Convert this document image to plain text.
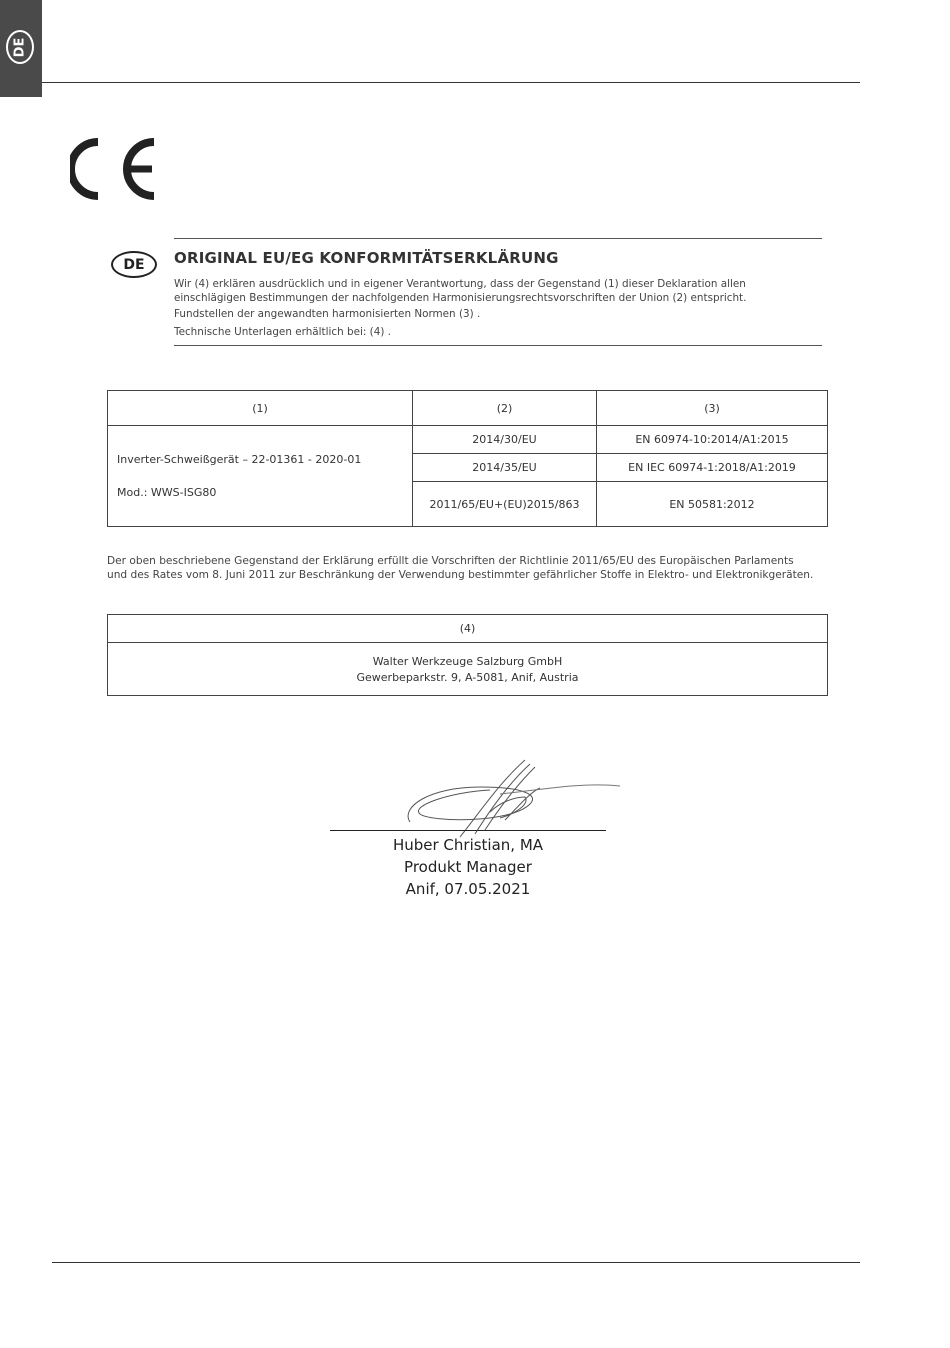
DE
DE	ORIGINAL EU/EG KONFORMITÄTSERKLÄRUNG
Wir (4) erklären ausdrücklich und in eigener Verantwortung, dass der Gegenstand (1) dieser Deklaration allen
einschlägigen Bestimmungen der nachfolgenden Harmonisierungsrechtsvorschriften der Union (2) entspricht.
Fundstellen der angewandten harmonisierten Normen (3) .
Technische Unterlagen erhältlich bei: (4) .
(1)	(2)	(3)

Inverter-Schweißgerät – 22-01361 - 2020-01
Mod.: WWS-ISG80	2014/30/EU	EN 60974-10:2014/A1:2015
	2014/35/EU	EN IEC 60974-1:2018/A1:2019
	2011/65/EU+(EU)2015/863	EN 50581:2012
Der oben beschriebene Gegenstand der Erklärung erfüllt die Vorschriften der Richtlinie 2011/65/EU des Europäischen Parlaments
und des Rates vom 8. Juni 2011 zur Beschränkung der Verwendung bestimmter gefährlicher Stoffe in Elektro- und Elektronikgeräten.
(4)

Walter Werkzeuge Salzburg GmbH
Gewerbeparkstr. 9, A-5081, Anif, Austria
Huber Christian, MA
Produkt Manager
Anif, 07.05.2021
